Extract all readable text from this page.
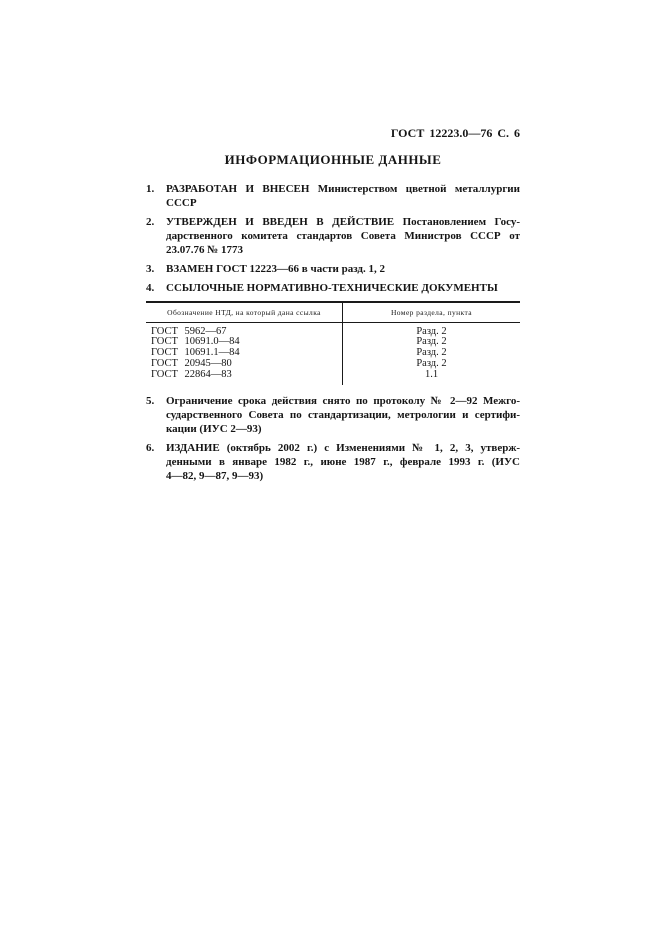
ГОСТ 12223.0—76 С. 6
ИНФОРМАЦИОННЫЕ ДАННЫЕ
1.	РАЗРАБОТАН И ВНЕСЕН Министерством цветной металлургии
СССР
2.	УТВЕРЖДЕН И ВВЕДЕН В ДЕЙСТВИЕ Постановлением Госу-
дарственного комитета стандартов Совета Министров СССР от
23.07.76 № 1773
3.	ВЗАМЕН ГОСТ 12223—66 в части разд. 1, 2
4.	ССЫЛОЧНЫЕ НОРМАТИВНО-ТЕХНИЧЕСКИЕ ДОКУМЕНТЫ
Обозначение НТД, на который дана ссылка	Номер раздела, пункта
ГОСТ 5962—67	Разд. 2
ГОСТ 10691.0—84	Разд. 2
ГОСТ 10691.1—84	Разд. 2
ГОСТ 20945—80	Разд. 2
ГОСТ 22864—83	1.1
5.	Ограничение срока действия снято по протоколу № 2—92 Межго-
сударственного Совета по стандартизации, метрологии и сертифи-
кации (ИУС 2—93)
6.	ИЗДАНИЕ (октябрь 2002 г.) с Изменениями № 1, 2, 3, утверж-
денными в январе 1982 г., июне 1987 г., феврале 1993 г. (ИУС
4—82, 9—87, 9—93)
